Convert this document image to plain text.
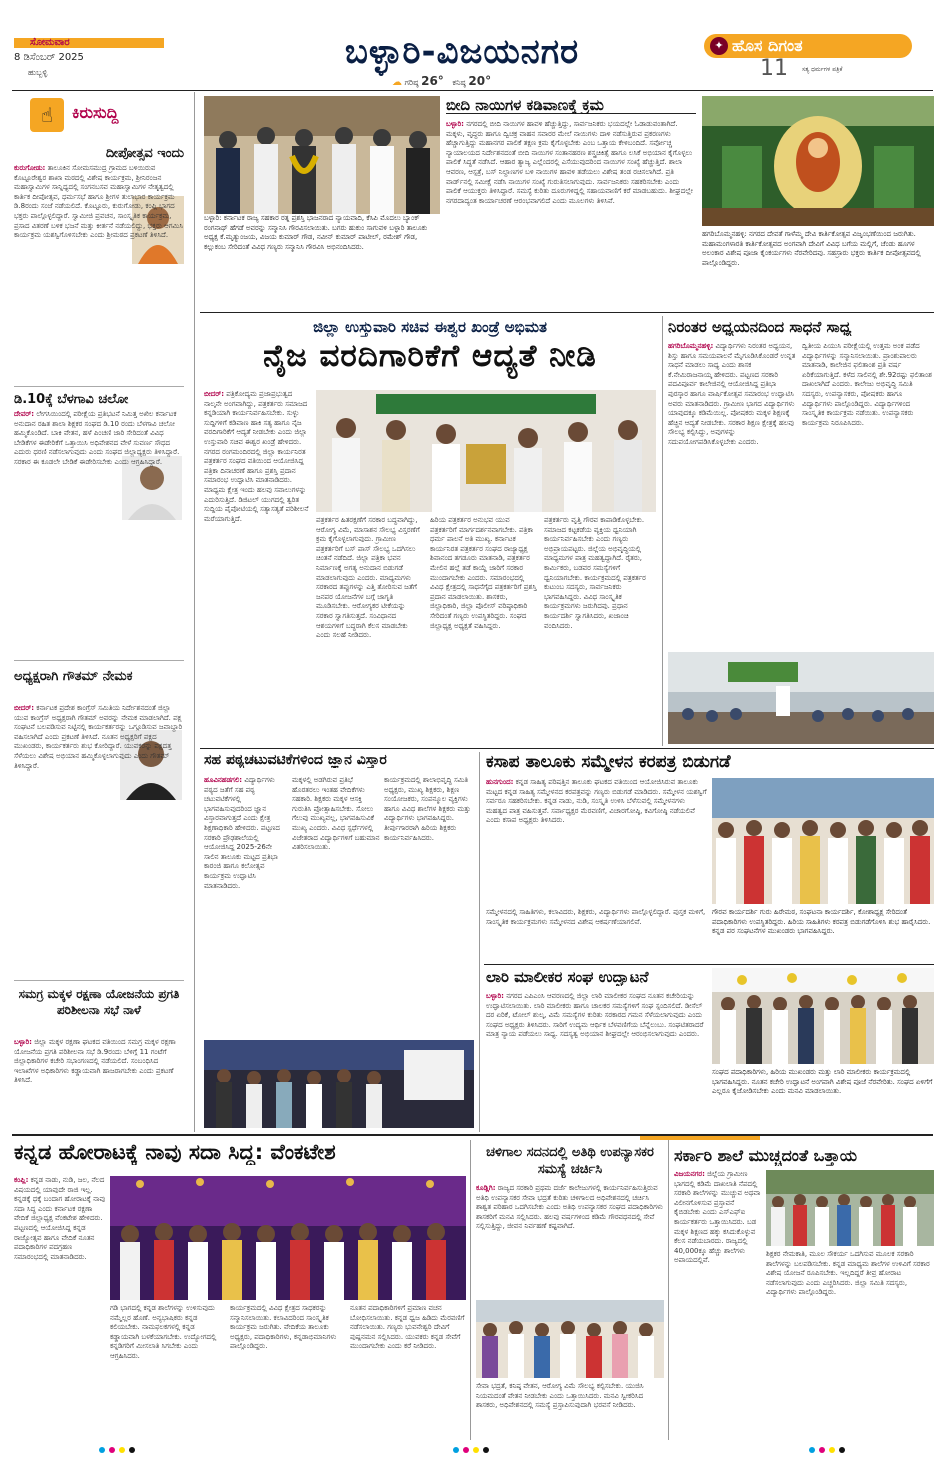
ಸೋಮವಾರ
8 ಡಿಸೆಂಬರ್ 2025
ಹುಬ್ಬಳ್ಳಿ
ಬಳ್ಳಾರಿ-ವಿಜಯನಗರ
☁ ಗರಿಷ್ಠ 26° ಕನಿಷ್ಠ 20°
✦ ಹೊಸ ದಿಗಂತ
11 ಸತ್ಯ ಧರ್ಮಗಳ ಪತ್ರಿಕೆ
☝	ಕಿರುಸುದ್ದಿ
ದೀಪೋತ್ಸವ ಇಂದು
ಕುರುಗೋಡು: ತಾಲೂಕಿನ ಸೋಮಸಮುದ್ರ ಗ್ರಾಮದ ಬಳಿಯಿರುವ ಕೊಟ್ಟೂರೇಶ್ವರ ಶಾಖಾ ಮಠದಲ್ಲಿ ವಿಶೇಷ ಕಾರ್ಯಕ್ರಮ, ಶ್ರೀನಿರಂಜನ ಮಹಾಸ್ವಾಮಿಗಳ ಸಾನ್ನಿಧ್ಯದಲ್ಲಿ ಸಂಗನಬಸವ ಮಹಾಸ್ವಾಮಿಗಳ ನೇತೃತ್ವದಲ್ಲಿ ಕಾರ್ತಿಕ ದೀಪೋತ್ಸವ, ಧರ್ಮಸಭೆ ಹಾಗೂ ಶ್ರೀಗಳ ತುಲಾಭಾರ ಕಾರ್ಯಕ್ರಮ ಡಿ.8ರಂದು ಸಂಜೆ ನಡೆಯಲಿದೆ. ಕೊಟ್ಟೂರು, ಕುರುಗೋಡು, ಕಂಪ್ಲಿ ಭಾಗದ ಭಕ್ತರು ಪಾಲ್ಗೊಳ್ಳಲಿದ್ದಾರೆ. ಸ್ವಾಮೀಜಿ ಪ್ರವಚನ, ಸಾಂಸ್ಕೃತಿಕ ಕಾರ್ಯಕ್ರಮ, ಪ್ರಸಾದ ವಿತರಣೆ ಬಳಿಕ ಭಜನೆ ಮತ್ತು ಕೀರ್ತನೆ ನಡೆಯಲಿದ್ದು, ಭಕ್ತರು ಆಗಮಿಸಿ ಕಾರ್ಯಕ್ರಮ ಯಶಸ್ವಿಗೊಳಿಸಬೇಕು ಎಂದು ಶ್ರೀಮಠದ ಪ್ರಕಟಣೆ ತಿಳಿಸಿದೆ.
ಡಿ.10ಕ್ಕೆ ಬೆಳಗಾವಿ ಚಲೋ
ದೇವರ್: ಲೇಗಸಿಯಿಂದಲ್ಲಿ ಪರೀಕ್ಷೆಯ ಪ್ರತಿಭಟನೆ ನಿಮಿತ್ತ ಅಖಿಲ ಕರ್ನಾಟಕ ಅನುದಾನ ರಹಿತ ಶಾಲಾ ಶಿಕ್ಷಕರ ಸಂಘದ ಡಿ.10 ರಂದು ಬೆಳಗಾವಿ ಚಲೋ ಹಮ್ಮಿಕೊಂಡಿದೆ. ಬಾಕಿ ವೇತನ, ಹಳೆ ಪಿಂಚಣಿ ಜಾರಿ ಸೇರಿದಂತೆ ವಿವಿಧ ಬೇಡಿಕೆಗಳ ಈಡೇರಿಕೆಗೆ ಒತ್ತಾಯಿಸಿ ಅಧಿವೇಶನದ ವೇಳೆ ಸುವರ್ಣ ಸೌಧದ ಎದುರು ಧರಣಿ ನಡೆಸಲಾಗುವುದು ಎಂದು ಸಂಘದ ಜಿಲ್ಲಾಧ್ಯಕ್ಷರು ತಿಳಿಸಿದ್ದಾರೆ. ಸರಕಾರ ಈ ಕೂಡಲೇ ಬೇಡಿಕೆ ಈಡೇರಿಸಬೇಕು ಎಂದು ಆಗ್ರಹಿಸಿದ್ದಾರೆ.
ಅಧ್ಯಕ್ಷರಾಗಿ ಗೌತಮ್ ನೇಮಕ
ಬೀದರ್: ಕರ್ನಾಟಕ ಪ್ರದೇಶ ಕಾಂಗ್ರೆಸ್ ಸಮಿತಿಯ ನಿರ್ದೇಶನದಂತೆ ಜಿಲ್ಲಾ ಯುವ ಕಾಂಗ್ರೆಸ್ ಅಧ್ಯಕ್ಷರಾಗಿ ಗೌತಮ್ ಅವರನ್ನು ನೇಮಕ ಮಾಡಲಾಗಿದೆ. ಪಕ್ಷ ಸಂಘಟನೆ ಬಲಪಡಿಸುವ ನಿಟ್ಟಿನಲ್ಲಿ ಕಾರ್ಯಕರ್ತರನ್ನು ಒಗ್ಗೂಡಿಸುವ ಜವಾಬ್ದಾರಿ ವಹಿಸಲಾಗಿದೆ ಎಂದು ಪ್ರಕಟಣೆ ತಿಳಿಸಿದೆ. ನೂತನ ಅಧ್ಯಕ್ಷರಿಗೆ ಪಕ್ಷದ ಮುಖಂಡರು, ಕಾರ್ಯಕರ್ತರು ಶುಭ ಕೋರಿದ್ದಾರೆ. ಯುವಕರನ್ನು ಪಕ್ಷದತ್ತ ಸೆಳೆಯಲು ವಿಶೇಷ ಅಭಿಯಾನ ಹಮ್ಮಿಕೊಳ್ಳಲಾಗುವುದು ಎಂದು ಗೌತಮ್ ತಿಳಿಸಿದ್ದಾರೆ.
ಸಮಗ್ರ ಮಕ್ಕಳ ರಕ್ಷಣಾ ಯೋಜನೆಯ ಪ್ರಗತಿ ಪರಿಶೀಲನಾ ಸಭೆ ನಾಳೆ
ಬಳ್ಳಾರಿ: ಜಿಲ್ಲಾ ಮಕ್ಕಳ ರಕ್ಷಣಾ ಘಟಕದ ವತಿಯಿಂದ ಸಮಗ್ರ ಮಕ್ಕಳ ರಕ್ಷಣಾ ಯೋಜನೆಯ ಪ್ರಗತಿ ಪರಿಶೀಲನಾ ಸಭೆ ಡಿ.9ರಂದು ಬೆಳಿಗ್ಗೆ 11 ಗಂಟೆಗೆ ಜಿಲ್ಲಾಧಿಕಾರಿಗಳ ಕಚೇರಿ ಸಭಾಂಗಣದಲ್ಲಿ ನಡೆಯಲಿದೆ. ಸಂಬಂಧಿಸಿದ ಇಲಾಖೆಗಳ ಅಧಿಕಾರಿಗಳು ಕಡ್ಡಾಯವಾಗಿ ಹಾಜರಾಗಬೇಕು ಎಂದು ಪ್ರಕಟಣೆ ತಿಳಿಸಿದೆ.
ಬಳ್ಳಾರಿ: ಕರ್ನಾಟಕ ರಾಜ್ಯ ಸಹಕಾರ ರತ್ನ ಪ್ರಶಸ್ತಿ ಭಾಜನರಾದ ನ್ಯಾಯವಾದಿ, ಕೆಸಿಪಿ ಮೊದಲು ಬ್ಯಾಂಕ್ ರಂಗನಾಥ್ ಹೆಗಡೆ ಅವರನ್ನು ಸನ್ಮಾನಿಸಿ ಗೌರವಿಸಲಾಯಿತು. ಬಗರು ಹುಕುಂ ಸಾಗುವಳಿ ಬಳ್ಳಾರಿ ತಾಲೂಕು ಅಧ್ಯಕ್ಷ ಕೆ.ಮೃತ್ಯುಂಜಯ, ವಿಜಯ ಕುಮಾರ್ ಗೌಡ, ನವೀನ್ ಕುಮಾರ್ ಪಾಟೀಲ್, ರಮೇಶ್ ಗೌಡ, ಕಲ್ಲುಕಂಬ ಸೇರಿದಂತೆ ವಿವಿಧ ಗಣ್ಯರು ಸನ್ಮಾನಿಸಿ ಗೌರವಿಸಿ ಅಭಿನಂದಿಸಿದರು.
ಬೀದಿ ನಾಯಿಗಳ ಕಡಿವಾಣಕ್ಕೆ ಕ್ರಮ
ಬಳ್ಳಾರಿ: ನಗರದಲ್ಲಿ ಬೀದಿ ನಾಯಿಗಳ ಹಾವಳಿ ಹೆಚ್ಚುತ್ತಿದ್ದು, ಸಾರ್ವಜನಿಕರು ಭಯದಲ್ಲೇ ಓಡಾಡುವಂತಾಗಿದೆ. ಮಕ್ಕಳು, ವೃದ್ಧರು ಹಾಗೂ ದ್ವಿಚಕ್ರ ವಾಹನ ಸವಾರರ ಮೇಲೆ ನಾಯಿಗಳು ದಾಳಿ ನಡೆಸುತ್ತಿರುವ ಪ್ರಕರಣಗಳು ಹೆಚ್ಚಾಗುತ್ತಿದ್ದು ಮಹಾನಗರ ಪಾಲಿಕೆ ತಕ್ಷಣ ಕ್ರಮ ಕೈಗೊಳ್ಳಬೇಕು ಎಂಬ ಒತ್ತಾಯ ಕೇಳಿಬಂದಿದೆ. ಸರ್ವೋಚ್ಚ ನ್ಯಾಯಾಲಯದ ನಿರ್ದೇಶನದಂತೆ ಬೀದಿ ನಾಯಿಗಳ ಸಂತಾನಹರಣ ಶಸ್ತ್ರಚಿಕಿತ್ಸೆ ಹಾಗೂ ಲಸಿಕೆ ಅಭಿಯಾನ ಕೈಗೊಳ್ಳಲು ಪಾಲಿಕೆ ಸಿದ್ಧತೆ ನಡೆಸಿದೆ. ಆಹಾರ ತ್ಯಾಜ್ಯ ಎಲ್ಲೆಂದರಲ್ಲಿ ಎಸೆಯುವುದರಿಂದ ನಾಯಿಗಳ ಸಂಖ್ಯೆ ಹೆಚ್ಚುತ್ತಿದೆ. ಶಾಲಾ ಆವರಣ, ಆಸ್ಪತ್ರೆ, ಬಸ್ ನಿಲ್ದಾಣಗಳ ಬಳಿ ನಾಯಿಗಳ ಹಾವಳಿ ತಡೆಯಲು ವಿಶೇಷ ತಂಡ ರಚಿಸಲಾಗಿದೆ. ಪ್ರತಿ ವಾರ್ಡ್‌ನಲ್ಲಿ ಸಮೀಕ್ಷೆ ನಡೆಸಿ ನಾಯಿಗಳ ಸಂಖ್ಯೆ ಗುರುತಿಸಲಾಗುವುದು. ಸಾರ್ವಜನಿಕರು ಸಹಕರಿಸಬೇಕು ಎಂದು ಪಾಲಿಕೆ ಆಯುಕ್ತರು ತಿಳಿಸಿದ್ದಾರೆ. ಸಮಸ್ಯೆ ಕುರಿತು ದೂರುಗಳಿದ್ದಲ್ಲಿ ಸಹಾಯವಾಣಿಗೆ ಕರೆ ಮಾಡಬಹುದು. ಶೀಘ್ರದಲ್ಲೇ ನಗರದಾದ್ಯಂತ ಕಾರ್ಯಾಚರಣೆ ಆರಂಭವಾಗಲಿದೆ ಎಂದು ಮೂಲಗಳು ತಿಳಿಸಿವೆ.
ಹಗರಿಬೊಮ್ಮನಹಳ್ಳಿ: ನಗರದ ದೇವತೆ ಗಾಳೆಮ್ಮ ದೇವಿ ಕಾರ್ತಿಕೋತ್ಸವ ವಿಜೃಂಭಣೆಯಿಂದ ಜರುಗಿತು. ಮಹಾಮಂಗಳಾರತಿ ಕಾರ್ತಿಕೋತ್ಸವದ ಅಂಗವಾಗಿ ದೇವಿಗೆ ವಿವಿಧ ಬಗೆಯ ಮಲ್ಲಿಗೆ, ಚೆಂಡು ಹೂಗಳ ಅಲಂಕಾರ ವಿಶೇಷ ಪೂಜಾ ಕೈಂಕರ್ಯಗಳು ನೆರವೇರಿದವು. ಸಹಸ್ರಾರು ಭಕ್ತರು ಕಾರ್ತಿಕ ದೀಪೋತ್ಸವದಲ್ಲಿ ಪಾಲ್ಗೊಂಡಿದ್ದರು.
ಜಿಲ್ಲಾ ಉಸ್ತುವಾರಿ ಸಚಿವ ಈಶ್ವರ ಖಂಡ್ರೆ ಅಭಿಮತ
ನೈಜ ವರದಿಗಾರಿಕೆಗೆ ಆದ್ಯತೆ ನೀಡಿ
ಬೀದರ್: ಪತ್ರಿಕೋದ್ಯಮ ಪ್ರಜಾಪ್ರಭುತ್ವದ ನಾಲ್ಕನೇ ಅಂಗವಾಗಿದ್ದು, ಪತ್ರಕರ್ತರು ಸಮಾಜದ ಕನ್ನಡಿಯಾಗಿ ಕಾರ್ಯನಿರ್ವಹಿಸಬೇಕು. ಸುಳ್ಳು ಸುದ್ದಿಗಳಿಗೆ ಕಡಿವಾಣ ಹಾಕಿ ಸತ್ಯ ಹಾಗೂ ನೈಜ ವರದಿಗಾರಿಕೆಗೆ ಆದ್ಯತೆ ನೀಡಬೇಕು ಎಂದು ಜಿಲ್ಲಾ ಉಸ್ತುವಾರಿ ಸಚಿವ ಈಶ್ವರ ಖಂಡ್ರೆ ಹೇಳಿದರು. ನಗರದ ರಂಗಮಂದಿರದಲ್ಲಿ ಜಿಲ್ಲಾ ಕಾರ್ಯನಿರತ ಪತ್ರಕರ್ತರ ಸಂಘದ ವತಿಯಿಂದ ಆಯೋಜಿಸಿದ್ದ ಪತ್ರಿಕಾ ದಿನಾಚರಣೆ ಹಾಗೂ ಪ್ರಶಸ್ತಿ ಪ್ರದಾನ ಸಮಾರಂಭ ಉದ್ಘಾಟಿಸಿ ಮಾತನಾಡಿದರು. ಮಾಧ್ಯಮ ಕ್ಷೇತ್ರ ಇಂದು ಹಲವು ಸವಾಲುಗಳನ್ನು ಎದುರಿಸುತ್ತಿದೆ. ಡಿಜಿಟಲ್ ಯುಗದಲ್ಲಿ ತ್ವರಿತ ಸುದ್ದಿಯ ಪೈಪೋಟಿಯಲ್ಲಿ ಸತ್ಯಾಸತ್ಯತೆ ಪರಿಶೀಲನೆ ಮರೆಯಾಗುತ್ತಿದೆ.	ಪತ್ರಕರ್ತರ ಹಿತರಕ್ಷಣೆಗೆ ಸರಕಾರ ಬದ್ಧವಾಗಿದ್ದು, ಆರೋಗ್ಯ ವಿಮೆ, ಮಾಸಾಶನ ಸೌಲಭ್ಯ ವಿಸ್ತರಣೆಗೆ ಕ್ರಮ ಕೈಗೊಳ್ಳಲಾಗುವುದು. ಗ್ರಾಮೀಣ ಪತ್ರಕರ್ತರಿಗೆ ಬಸ್ ಪಾಸ್ ಸೌಲಭ್ಯ ಒದಗಿಸಲು ಚಿಂತನೆ ನಡೆದಿದೆ. ಜಿಲ್ಲಾ ಪತ್ರಿಕಾ ಭವನ ನಿರ್ಮಾಣಕ್ಕೆ ಅಗತ್ಯ ಅನುದಾನ ಬಿಡುಗಡೆ ಮಾಡಲಾಗುವುದು ಎಂದರು. ಮಾಧ್ಯಮಗಳು ಸರಕಾರದ ತಪ್ಪುಗಳನ್ನು ಎತ್ತಿ ತೋರಿಸುವ ಜತೆಗೆ ಜನಪರ ಯೋಜನೆಗಳ ಬಗ್ಗೆ ಜಾಗೃತಿ ಮೂಡಿಸಬೇಕು. ಆರೋಗ್ಯಕರ ಟೀಕೆಯನ್ನು ಸರಕಾರ ಸ್ವಾಗತಿಸುತ್ತದೆ. ಸಂವಿಧಾನದ ಆಶಯಗಳಿಗೆ ಬದ್ಧರಾಗಿ ಕೆಲಸ ಮಾಡಬೇಕು ಎಂದು ಸಲಹೆ ನೀಡಿದರು.
ಹಿರಿಯ ಪತ್ರಕರ್ತರ ಅನುಭವ ಯುವ ಪತ್ರಕರ್ತರಿಗೆ ಮಾರ್ಗದರ್ಶನವಾಗಬೇಕು. ಪತ್ರಿಕಾ ಧರ್ಮ ಪಾಲನೆ ಅತಿ ಮುಖ್ಯ. ಕರ್ನಾಟಕ ಕಾರ್ಯನಿರತ ಪತ್ರಕರ್ತರ ಸಂಘದ ರಾಜ್ಯಾಧ್ಯಕ್ಷ ಶಿವಾನಂದ ತಗಡೂರು ಮಾತನಾಡಿ, ಪತ್ರಕರ್ತರ ಮೇಲಿನ ಹಲ್ಲೆ ತಡೆ ಕಾಯ್ದೆ ಜಾರಿಗೆ ಸರಕಾರ ಮುಂದಾಗಬೇಕು ಎಂದರು. ಸಮಾರಂಭದಲ್ಲಿ ವಿವಿಧ ಕ್ಷೇತ್ರದಲ್ಲಿ ಸಾಧನೆಗೈದ ಪತ್ರಕರ್ತರಿಗೆ ಪ್ರಶಸ್ತಿ ಪ್ರದಾನ ಮಾಡಲಾಯಿತು. ಶಾಸಕರು, ಜಿಲ್ಲಾಧಿಕಾರಿ, ಜಿಲ್ಲಾ ಪೊಲೀಸ್ ವರಿಷ್ಠಾಧಿಕಾರಿ ಸೇರಿದಂತೆ ಗಣ್ಯರು ಉಪಸ್ಥಿತರಿದ್ದರು. ಸಂಘದ ಜಿಲ್ಲಾಧ್ಯಕ್ಷ ಅಧ್ಯಕ್ಷತೆ ವಹಿಸಿದ್ದರು.
ಪತ್ರಕರ್ತರು ವೃತ್ತಿ ಗೌರವ ಕಾಪಾಡಿಕೊಳ್ಳಬೇಕು. ಸಮಾಜದ ಕಟ್ಟಕಡೆಯ ವ್ಯಕ್ತಿಯ ಧ್ವನಿಯಾಗಿ ಕಾರ್ಯನಿರ್ವಹಿಸಬೇಕು ಎಂದು ಗಣ್ಯರು ಅಭಿಪ್ರಾಯಪಟ್ಟರು. ಜಿಲ್ಲೆಯ ಅಭಿವೃದ್ಧಿಯಲ್ಲಿ ಮಾಧ್ಯಮಗಳ ಪಾತ್ರ ಮಹತ್ವದ್ದಾಗಿದೆ. ರೈತರು, ಕಾರ್ಮಿಕರು, ಬಡವರ ಸಮಸ್ಯೆಗಳಿಗೆ ಧ್ವನಿಯಾಗಬೇಕು. ಕಾರ್ಯಕ್ರಮದಲ್ಲಿ ಪತ್ರಕರ್ತರ ಕುಟುಂಬ ಸದಸ್ಯರು, ಸಾರ್ವಜನಿಕರು ಭಾಗವಹಿಸಿದ್ದರು. ವಿವಿಧ ಸಾಂಸ್ಕೃತಿಕ ಕಾರ್ಯಕ್ರಮಗಳು ಜರುಗಿದವು. ಪ್ರಧಾನ ಕಾರ್ಯದರ್ಶಿ ಸ್ವಾಗತಿಸಿದರು, ಖಜಾಂಚಿ ವಂದಿಸಿದರು.
ನಿರಂತರ ಅಧ್ಯಯನದಿಂದ ಸಾಧನೆ ಸಾಧ್ಯ
ಹಗರಿಬೊಮ್ಮನಹಳ್ಳಿ: ವಿದ್ಯಾರ್ಥಿಗಳು ನಿರಂತರ ಅಧ್ಯಯನ, ಶಿಸ್ತು ಹಾಗೂ ಸಮಯಪಾಲನೆ ಮೈಗೂಡಿಸಿಕೊಂಡರೆ ಉನ್ನತ ಸಾಧನೆ ಮಾಡಲು ಸಾಧ್ಯ ಎಂದು ಶಾಸಕ ಕೆ.ನೇಮಿರಾಜನಾಯ್ಕ ಹೇಳಿದರು. ಪಟ್ಟಣದ ಸರಕಾರಿ ಪದವಿಪೂರ್ವ ಕಾಲೇಜಿನಲ್ಲಿ ಆಯೋಜಿಸಿದ್ದ ಪ್ರತಿಭಾ ಪುರಸ್ಕಾರ ಹಾಗೂ ವಾರ್ಷಿಕೋತ್ಸವ ಸಮಾರಂಭ ಉದ್ಘಾಟಿಸಿ ಅವರು ಮಾತನಾಡಿದರು. ಗ್ರಾಮೀಣ ಭಾಗದ ವಿದ್ಯಾರ್ಥಿಗಳು ಯಾವುದಕ್ಕೂ ಕಡಿಮೆಯಿಲ್ಲ. ಪೋಷಕರು ಮಕ್ಕಳ ಶಿಕ್ಷಣಕ್ಕೆ ಹೆಚ್ಚಿನ ಆದ್ಯತೆ ನೀಡಬೇಕು. ಸರಕಾರ ಶಿಕ್ಷಣ ಕ್ಷೇತ್ರಕ್ಕೆ ಹಲವು ಸೌಲಭ್ಯ ಕಲ್ಪಿಸಿದ್ದು, ಅವುಗಳನ್ನು ಸದುಪಯೋಗಪಡಿಸಿಕೊಳ್ಳಬೇಕು ಎಂದರು.
ದ್ವಿತೀಯ ಪಿಯುಸಿ ಪರೀಕ್ಷೆಯಲ್ಲಿ ಉತ್ತಮ ಅಂಕ ಪಡೆದ ವಿದ್ಯಾರ್ಥಿಗಳನ್ನು ಸನ್ಮಾನಿಸಲಾಯಿತು. ಪ್ರಾಂಶುಪಾಲರು ಮಾತನಾಡಿ, ಕಾಲೇಜಿನ ಫಲಿತಾಂಶ ಪ್ರತಿ ವರ್ಷ ಏರಿಕೆಯಾಗುತ್ತಿದೆ. ಕಳೆದ ಸಾಲಿನಲ್ಲಿ ಶೇ.92ರಷ್ಟು ಫಲಿತಾಂಶ ದಾಖಲಾಗಿದೆ ಎಂದರು. ಕಾಲೇಜು ಅಭಿವೃದ್ಧಿ ಸಮಿತಿ ಸದಸ್ಯರು, ಉಪನ್ಯಾಸಕರು, ಪೋಷಕರು ಹಾಗೂ ವಿದ್ಯಾರ್ಥಿಗಳು ಪಾಲ್ಗೊಂಡಿದ್ದರು. ವಿದ್ಯಾರ್ಥಿಗಳಿಂದ ಸಾಂಸ್ಕೃತಿಕ ಕಾರ್ಯಕ್ರಮ ನಡೆಯಿತು. ಉಪನ್ಯಾಸಕರು ಕಾರ್ಯಕ್ರಮ ನಿರೂಪಿಸಿದರು.
ಸಹ ಪಠ್ಯಚಟುವಟಿಕೆಗಳಿಂದ ಜ್ಞಾನ ವಿಸ್ತಾರ
ಹೂವಿನಹಡಗಲಿ: ವಿದ್ಯಾರ್ಥಿಗಳು ಪಠ್ಯದ ಜತೆಗೆ ಸಹ ಪಠ್ಯ ಚಟುವಟಿಕೆಗಳಲ್ಲಿ ಭಾಗವಹಿಸುವುದರಿಂದ ಜ್ಞಾನ ವಿಸ್ತಾರವಾಗುತ್ತದೆ ಎಂದು ಕ್ಷೇತ್ರ ಶಿಕ್ಷಣಾಧಿಕಾರಿ ಹೇಳಿದರು. ಪಟ್ಟಣದ ಸರಕಾರಿ ಪ್ರೌಢಶಾಲೆಯಲ್ಲಿ ಆಯೋಜಿಸಿದ್ದ 2025-26ನೇ ಸಾಲಿನ ತಾಲೂಕು ಮಟ್ಟದ ಪ್ರತಿಭಾ ಕಾರಂಜಿ ಹಾಗೂ ಕಲೋತ್ಸವ ಕಾರ್ಯಕ್ರಮ ಉದ್ಘಾಟಿಸಿ ಮಾತನಾಡಿದರು.
ಮಕ್ಕಳಲ್ಲಿ ಅಡಗಿರುವ ಪ್ರತಿಭೆ ಹೊರತರಲು ಇಂತಹ ವೇದಿಕೆಗಳು ಸಹಕಾರಿ. ಶಿಕ್ಷಕರು ಮಕ್ಕಳ ಆಸಕ್ತಿ ಗುರುತಿಸಿ ಪ್ರೋತ್ಸಾಹಿಸಬೇಕು. ಸೋಲು ಗೆಲುವು ಮುಖ್ಯವಲ್ಲ, ಭಾಗವಹಿಸುವಿಕೆ ಮುಖ್ಯ ಎಂದರು. ವಿವಿಧ ಸ್ಪರ್ಧೆಗಳಲ್ಲಿ ವಿಜೇತರಾದ ವಿದ್ಯಾರ್ಥಿಗಳಿಗೆ ಬಹುಮಾನ ವಿತರಿಸಲಾಯಿತು.
ಕಾರ್ಯಕ್ರಮದಲ್ಲಿ ಶಾಲಾಭಿವೃದ್ಧಿ ಸಮಿತಿ ಅಧ್ಯಕ್ಷರು, ಮುಖ್ಯ ಶಿಕ್ಷಕರು, ಶಿಕ್ಷಣ ಸಂಯೋಜಕರು, ಸಂಪನ್ಮೂಲ ವ್ಯಕ್ತಿಗಳು ಹಾಗೂ ವಿವಿಧ ಶಾಲೆಗಳ ಶಿಕ್ಷಕರು ಮತ್ತು ವಿದ್ಯಾರ್ಥಿಗಳು ಭಾಗವಹಿಸಿದ್ದರು. ತೀರ್ಪುಗಾರರಾಗಿ ಹಿರಿಯ ಶಿಕ್ಷಕರು ಕಾರ್ಯನಿರ್ವಹಿಸಿದರು.
ಕಸಾಪ ತಾಲೂಕು ಸಮ್ಮೇಳನ ಕರಪತ್ರ ಬಿಡುಗಡೆ
ಹುನಗುಂದ: ಕನ್ನಡ ಸಾಹಿತ್ಯ ಪರಿಷತ್ತಿನ ತಾಲೂಕು ಘಟಕದ ವತಿಯಿಂದ ಆಯೋಜಿಸಿರುವ ತಾಲೂಕು ಮಟ್ಟದ ಕನ್ನಡ ಸಾಹಿತ್ಯ ಸಮ್ಮೇಳನದ ಕರಪತ್ರವನ್ನು ಗಣ್ಯರು ಬಿಡುಗಡೆ ಮಾಡಿದರು. ಸಮ್ಮೇಳನ ಯಶಸ್ವಿಗೆ ಸರ್ವರೂ ಸಹಕರಿಸಬೇಕು. ಕನ್ನಡ ನಾಡು, ನುಡಿ, ಸಂಸ್ಕೃತಿ ಉಳಿಸಿ ಬೆಳೆಸುವಲ್ಲಿ ಸಮ್ಮೇಳನಗಳು ಮಹತ್ವದ ಪಾತ್ರ ವಹಿಸುತ್ತವೆ. ಸರ್ವಾಧ್ಯಕ್ಷರ ಮೆರವಣಿಗೆ, ವಿಚಾರಗೋಷ್ಠಿ, ಕವಿಗೋಷ್ಠಿ ನಡೆಯಲಿವೆ ಎಂದು ಕಸಾಪ ಅಧ್ಯಕ್ಷರು ತಿಳಿಸಿದರು.
ಸಮ್ಮೇಳನದಲ್ಲಿ ಸಾಹಿತಿಗಳು, ಕಲಾವಿದರು, ಶಿಕ್ಷಕರು, ವಿದ್ಯಾರ್ಥಿಗಳು ಪಾಲ್ಗೊಳ್ಳಲಿದ್ದಾರೆ. ಪುಸ್ತಕ ಮಳಿಗೆ, ಸಾಂಸ್ಕೃತಿಕ ಕಾರ್ಯಕ್ರಮಗಳು ಸಮ್ಮೇಳನದ ವಿಶೇಷ ಆಕರ್ಷಣೆಯಾಗಲಿವೆ.
ಗೌರವ ಕಾರ್ಯದರ್ಶಿ ಗುರು ಹಿರೇಮಠ, ಸಂಘಟನಾ ಕಾರ್ಯದರ್ಶಿ, ಕೋಶಾಧ್ಯಕ್ಷ ಸೇರಿದಂತೆ ಪದಾಧಿಕಾರಿಗಳು ಉಪಸ್ಥಿತರಿದ್ದರು. ಹಿರಿಯ ಸಾಹಿತಿಗಳು ಕರಪತ್ರ ಬಿಡುಗಡೆಗೊಳಿಸಿ ಶುಭ ಹಾರೈಸಿದರು. ಕನ್ನಡ ಪರ ಸಂಘಟನೆಗಳ ಮುಖಂಡರು ಭಾಗವಹಿಸಿದ್ದರು.
ಲಾರಿ ಮಾಲೀಕರ ಸಂಘ ಉದ್ಘಾಟನೆ
ಬಳ್ಳಾರಿ: ನಗರದ ಎಪಿಎಂಸಿ ಆವರಣದಲ್ಲಿ ಜಿಲ್ಲಾ ಲಾರಿ ಮಾಲೀಕರ ಸಂಘದ ನೂತನ ಕಚೇರಿಯನ್ನು ಉದ್ಘಾಟಿಸಲಾಯಿತು. ಲಾರಿ ಮಾಲೀಕರು ಹಾಗೂ ಚಾಲಕರ ಸಮಸ್ಯೆಗಳಿಗೆ ಸಂಘ ಸ್ಪಂದಿಸಲಿದೆ. ಡೀಸೆಲ್ ದರ ಏರಿಕೆ, ಟೋಲ್ ಶುಲ್ಕ, ವಿಮೆ ಸಮಸ್ಯೆಗಳ ಕುರಿತು ಸರಕಾರದ ಗಮನ ಸೆಳೆಯಲಾಗುವುದು ಎಂದು ಸಂಘದ ಅಧ್ಯಕ್ಷರು ತಿಳಿಸಿದರು. ಸಾರಿಗೆ ಉದ್ಯಮ ಆರ್ಥಿಕ ಬೆಳವಣಿಗೆಯ ಬೆನ್ನೆಲುಬು. ಸಂಘಟಿತರಾದರೆ ಮಾತ್ರ ನ್ಯಾಯ ಪಡೆಯಲು ಸಾಧ್ಯ. ಸದಸ್ಯತ್ವ ಅಭಿಯಾನ ಶೀಘ್ರದಲ್ಲೇ ಆರಂಭಿಸಲಾಗುವುದು ಎಂದರು.
ಸಂಘದ ಪದಾಧಿಕಾರಿಗಳು, ಹಿರಿಯ ಮುಖಂಡರು ಮತ್ತು ಲಾರಿ ಮಾಲೀಕರು ಕಾರ್ಯಕ್ರಮದಲ್ಲಿ ಭಾಗವಹಿಸಿದ್ದರು. ನೂತನ ಕಚೇರಿ ಉದ್ಘಾಟನೆ ಅಂಗವಾಗಿ ವಿಶೇಷ ಪೂಜೆ ನೆರವೇರಿತು. ಸಂಘದ ಏಳಿಗೆಗೆ ಎಲ್ಲರೂ ಕೈಜೋಡಿಸಬೇಕು ಎಂದು ಮನವಿ ಮಾಡಲಾಯಿತು.
ಕನ್ನಡ ಹೋರಾಟಕ್ಕೆ ನಾವು ಸದಾ ಸಿದ್ಧ: ವೆಂಕಟೇಶ
ಕಂಪ್ಲಿ: ಕನ್ನಡ ನಾಡು, ನುಡಿ, ಜಲ, ನೆಲದ ವಿಷಯದಲ್ಲಿ ಯಾವುದೇ ರಾಜಿ ಇಲ್ಲ. ಕನ್ನಡಕ್ಕೆ ಧಕ್ಕೆ ಬಂದಾಗ ಹೋರಾಟಕ್ಕೆ ನಾವು ಸದಾ ಸಿದ್ಧ ಎಂದು ಕರ್ನಾಟಕ ರಕ್ಷಣಾ ವೇದಿಕೆ ಜಿಲ್ಲಾಧ್ಯಕ್ಷ ವೆಂಕಟೇಶ ಹೇಳಿದರು. ಪಟ್ಟಣದಲ್ಲಿ ಆಯೋಜಿಸಿದ್ದ ಕನ್ನಡ ರಾಜ್ಯೋತ್ಸವ ಹಾಗೂ ವೇದಿಕೆ ನೂತನ ಪದಾಧಿಕಾರಿಗಳ ಪದಗ್ರಹಣ ಸಮಾರಂಭದಲ್ಲಿ ಮಾತನಾಡಿದರು.
ಗಡಿ ಭಾಗದಲ್ಲಿ ಕನ್ನಡ ಶಾಲೆಗಳನ್ನು ಉಳಿಸುವುದು ನಮ್ಮೆಲ್ಲರ ಹೊಣೆ. ಅನ್ಯಭಾಷಿಕರು ಕನ್ನಡ ಕಲಿಯಬೇಕು. ನಾಮಫಲಕಗಳಲ್ಲಿ ಕನ್ನಡ ಕಡ್ಡಾಯವಾಗಿ ಬಳಕೆಯಾಗಬೇಕು. ಉದ್ಯೋಗದಲ್ಲಿ ಕನ್ನಡಿಗರಿಗೆ ಮೀಸಲಾತಿ ಸಿಗಬೇಕು ಎಂದು ಆಗ್ರಹಿಸಿದರು.
ಕಾರ್ಯಕ್ರಮದಲ್ಲಿ ವಿವಿಧ ಕ್ಷೇತ್ರದ ಸಾಧಕರನ್ನು ಸನ್ಮಾನಿಸಲಾಯಿತು. ಕಲಾವಿದರಿಂದ ಸಾಂಸ್ಕೃತಿಕ ಕಾರ್ಯಕ್ರಮ ಜರುಗಿತು. ವೇದಿಕೆಯ ತಾಲೂಕು ಅಧ್ಯಕ್ಷರು, ಪದಾಧಿಕಾರಿಗಳು, ಕನ್ನಡಾಭಿಮಾನಿಗಳು ಪಾಲ್ಗೊಂಡಿದ್ದರು.
ನೂತನ ಪದಾಧಿಕಾರಿಗಳಿಗೆ ಪ್ರಮಾಣ ವಚನ ಬೋಧಿಸಲಾಯಿತು. ಕನ್ನಡ ಧ್ವಜ ಹಿಡಿದು ಮೆರವಣಿಗೆ ನಡೆಸಲಾಯಿತು. ಗಣ್ಯರು ಭುವನೇಶ್ವರಿ ದೇವಿಗೆ ಪುಷ್ಪನಮನ ಸಲ್ಲಿಸಿದರು. ಯುವಕರು ಕನ್ನಡ ಸೇವೆಗೆ ಮುಂದಾಗಬೇಕು ಎಂದು ಕರೆ ನೀಡಿದರು.
ಚಳಿಗಾಲ ಸದನದಲ್ಲಿ ಅತಿಥಿ ಉಪನ್ಯಾಸಕರ ಸಮಸ್ಯೆ ಚರ್ಚಿಸಿ
ಕೂಡ್ಲಿಗಿ: ರಾಜ್ಯದ ಸರಕಾರಿ ಪ್ರಥಮ ದರ್ಜೆ ಕಾಲೇಜುಗಳಲ್ಲಿ ಕಾರ್ಯನಿರ್ವಹಿಸುತ್ತಿರುವ ಅತಿಥಿ ಉಪನ್ಯಾಸಕರ ಸೇವಾ ಭದ್ರತೆ ಕುರಿತು ಚಳಿಗಾಲದ ಅಧಿವೇಶನದಲ್ಲಿ ಚರ್ಚಿಸಿ ಶಾಶ್ವತ ಪರಿಹಾರ ಒದಗಿಸಬೇಕು ಎಂದು ಅತಿಥಿ ಉಪನ್ಯಾಸಕರ ಸಂಘದ ಪದಾಧಿಕಾರಿಗಳು ಶಾಸಕರಿಗೆ ಮನವಿ ಸಲ್ಲಿಸಿದರು. ಹಲವು ವರ್ಷಗಳಿಂದ ಕಡಿಮೆ ಗೌರವಧನದಲ್ಲಿ ಸೇವೆ ಸಲ್ಲಿಸುತ್ತಿದ್ದು, ಜೀವನ ನಿರ್ವಹಣೆ ಕಷ್ಟವಾಗಿದೆ.
ಸೇವಾ ಭದ್ರತೆ, ಕನಿಷ್ಠ ವೇತನ, ಆರೋಗ್ಯ ವಿಮೆ ಸೌಲಭ್ಯ ಕಲ್ಪಿಸಬೇಕು. ಯುಜಿಸಿ ನಿಯಮದಂತೆ ವೇತನ ನೀಡಬೇಕು ಎಂದು ಒತ್ತಾಯಿಸಿದರು. ಮನವಿ ಸ್ವೀಕರಿಸಿದ ಶಾಸಕರು, ಅಧಿವೇಶನದಲ್ಲಿ ಸಮಸ್ಯೆ ಪ್ರಸ್ತಾಪಿಸುವುದಾಗಿ ಭರವಸೆ ನೀಡಿದರು.
ಸರ್ಕಾರಿ ಶಾಲೆ ಮುಚ್ಚದಂತೆ ಒತ್ತಾಯ
ವಿಜಯನಗರ: ಜಿಲ್ಲೆಯ ಗ್ರಾಮೀಣ ಭಾಗದಲ್ಲಿ ಕಡಿಮೆ ದಾಖಲಾತಿ ನೆಪದಲ್ಲಿ ಸರಕಾರಿ ಶಾಲೆಗಳನ್ನು ಮುಚ್ಚುವ ಅಥವಾ ವಿಲೀನಗೊಳಿಸುವ ಪ್ರಸ್ತಾವನೆ ಕೈಬಿಡಬೇಕು ಎಂದು ಎಸ್‌ಎಫ್‌ಐ ಕಾರ್ಯಕರ್ತರು ಒತ್ತಾಯಿಸಿದರು. ಬಡ ಮಕ್ಕಳ ಶಿಕ್ಷಣದ ಹಕ್ಕು ಕಸಿದುಕೊಳ್ಳುವ ಕೆಲಸ ನಡೆಯಬಾರದು. ರಾಜ್ಯದಲ್ಲಿ 40,000ಕ್ಕೂ ಹೆಚ್ಚು ಶಾಲೆಗಳು ಅಪಾಯದಲ್ಲಿವೆ.
ಶಿಕ್ಷಕರ ನೇಮಕಾತಿ, ಮೂಲ ಸೌಕರ್ಯ ಒದಗಿಸುವ ಮೂಲಕ ಸರಕಾರಿ ಶಾಲೆಗಳನ್ನು ಬಲಪಡಿಸಬೇಕು. ಕನ್ನಡ ಮಾಧ್ಯಮ ಶಾಲೆಗಳ ಉಳಿವಿಗೆ ಸರಕಾರ ವಿಶೇಷ ಯೋಜನೆ ರೂಪಿಸಬೇಕು. ಇಲ್ಲದಿದ್ದರೆ ತೀವ್ರ ಹೋರಾಟ ನಡೆಸಲಾಗುವುದು ಎಂದು ಎಚ್ಚರಿಸಿದರು. ಜಿಲ್ಲಾ ಸಮಿತಿ ಸದಸ್ಯರು, ವಿದ್ಯಾರ್ಥಿಗಳು ಪಾಲ್ಗೊಂಡಿದ್ದರು.
